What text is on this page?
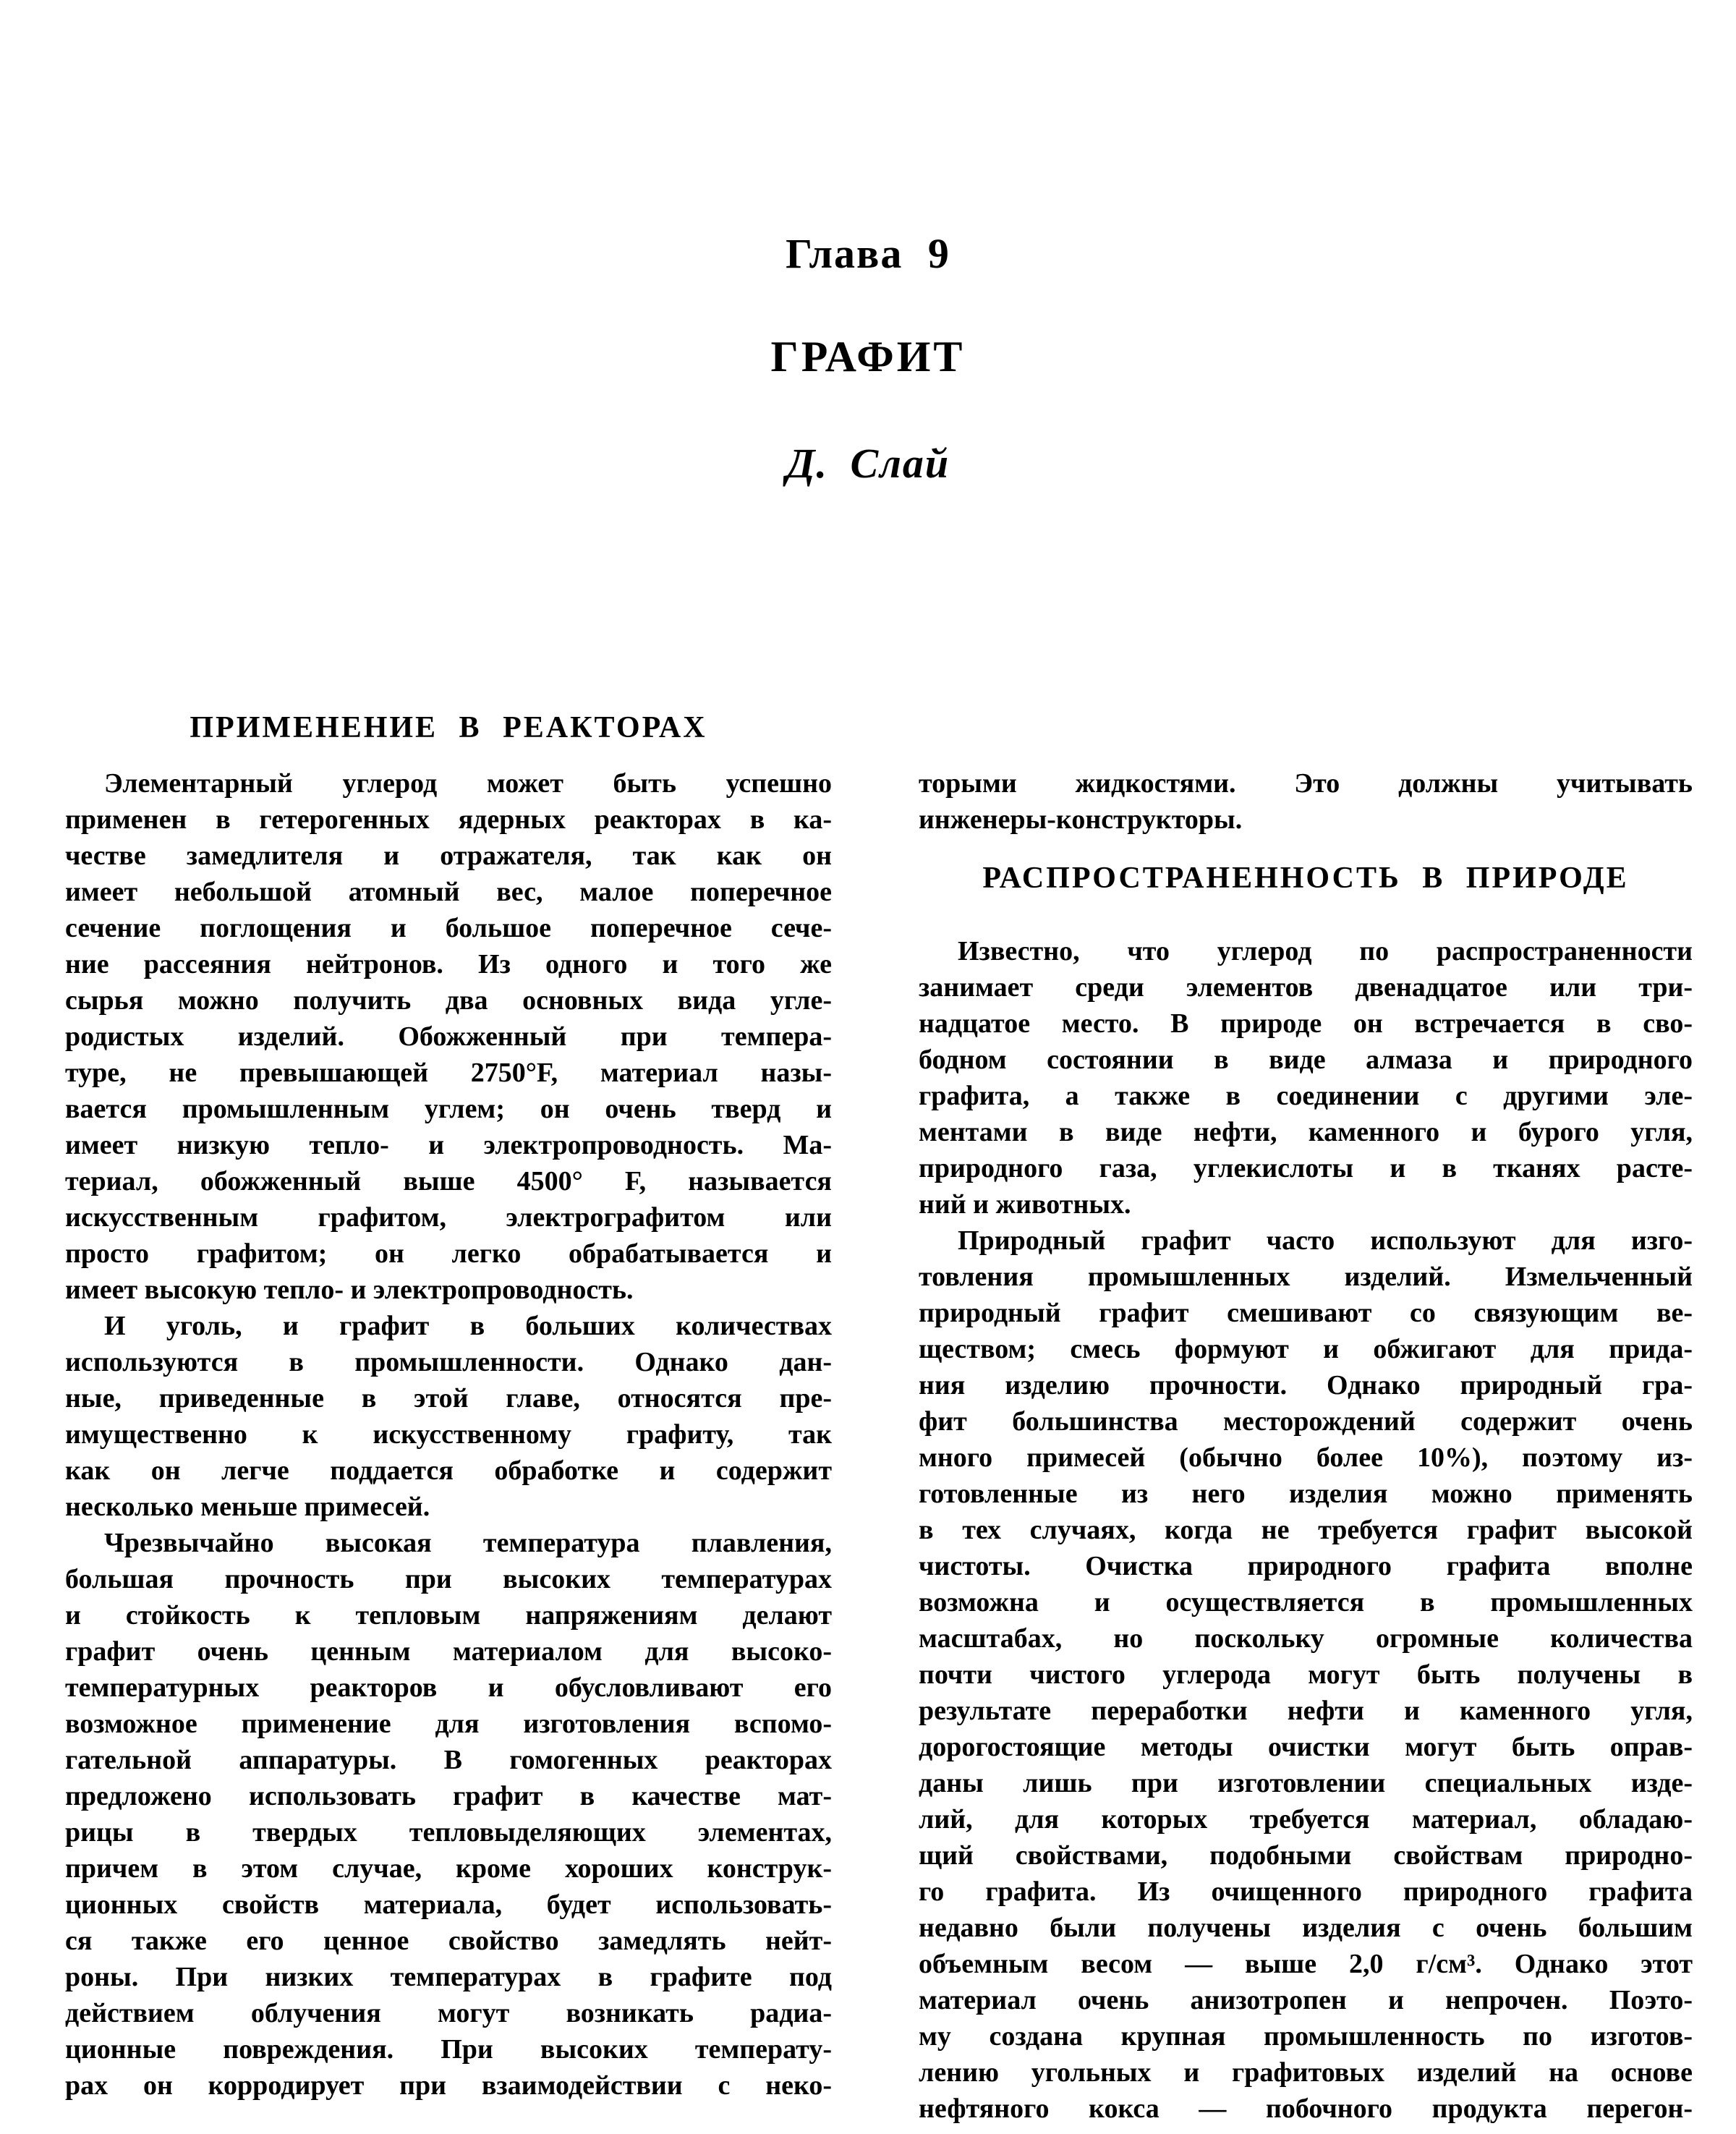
Глава 9
ГРАФИТ
Д. Слай
ПРИМЕНЕНИЕ В РЕАКТОРАХ
Элементарный углерод может быть успешно
применен в гетерогенных ядерных реакторах в ка-
честве замедлителя и отражателя, так как он
имеет небольшой атомный вес, малое поперечное
сечение поглощения и большое поперечное сече-
ние рассеяния нейтронов. Из одного и того же
сырья можно получить два основных вида угле-
родистых изделий. Обожженный при темпера-
туре, не превышающей 2750°F, материал назы-
вается промышленным углем; он очень тверд и
имеет низкую тепло- и электропроводность. Ма-
териал, обожженный выше 4500° F, называется
искусственным графитом, электрографитом или
просто графитом; он легко обрабатывается и
имеет высокую тепло- и электропроводность.
И уголь, и графит в больших количествах
используются в промышленности. Однако дан-
ные, приведенные в этой главе, относятся пре-
имущественно к искусственному графиту, так
как он легче поддается обработке и содержит
несколько меньше примесей.
Чрезвычайно высокая температура плавления,
большая прочность при высоких температурах
и стойкость к тепловым напряжениям делают
графит очень ценным материалом для высоко-
температурных реакторов и обусловливают его
возможное применение для изготовления вспомо-
гательной аппаратуры. В гомогенных реакторах
предложено использовать графит в качестве мат-
рицы в твердых тепловыделяющих элементах,
причем в этом случае, кроме хороших конструк-
ционных свойств материала, будет использовать-
ся также его ценное свойство замедлять нейт-
роны. При низких температурах в графите под
действием облучения могут возникать радиа-
ционные повреждения. При высоких температу-
рах он корродирует при взаимодействии с неко-
торыми жидкостями. Это должны учитывать
инженеры-конструкторы.
РАСПРОСТРАНЕННОСТЬ В ПРИРОДЕ
Известно, что углерод по распространенности
занимает среди элементов двенадцатое или три-
надцатое место. В природе он встречается в сво-
бодном состоянии в виде алмаза и природного
графита, а также в соединении с другими эле-
ментами в виде нефти, каменного и бурого угля,
природного газа, углекислоты и в тканях расте-
ний и животных.
Природный графит часто используют для изго-
товления промышленных изделий. Измельченный
природный графит смешивают со связующим ве-
ществом; смесь формуют и обжигают для прида-
ния изделию прочности. Однако природный гра-
фит большинства месторождений содержит очень
много примесей (обычно более 10%), поэтому из-
готовленные из него изделия можно применять
в тех случаях, когда не требуется графит высокой
чистоты. Очистка природного графита вполне
возможна и осуществляется в промышленных
масштабах, но поскольку огромные количества
почти чистого углерода могут быть получены в
результате переработки нефти и каменного угля,
дорогостоящие методы очистки могут быть оправ-
даны лишь при изготовлении специальных изде-
лий, для которых требуется материал, обладаю-
щий свойствами, подобными свойствам природно-
го графита. Из очищенного природного графита
недавно были получены изделия с очень большим
объемным весом — выше 2,0 г/см³. Однако этот
материал очень анизотропен и непрочен. Поэто-
му создана крупная промышленность по изготов-
лению угольных и графитовых изделий на основе
нефтяного кокса — побочного продукта перегон-
